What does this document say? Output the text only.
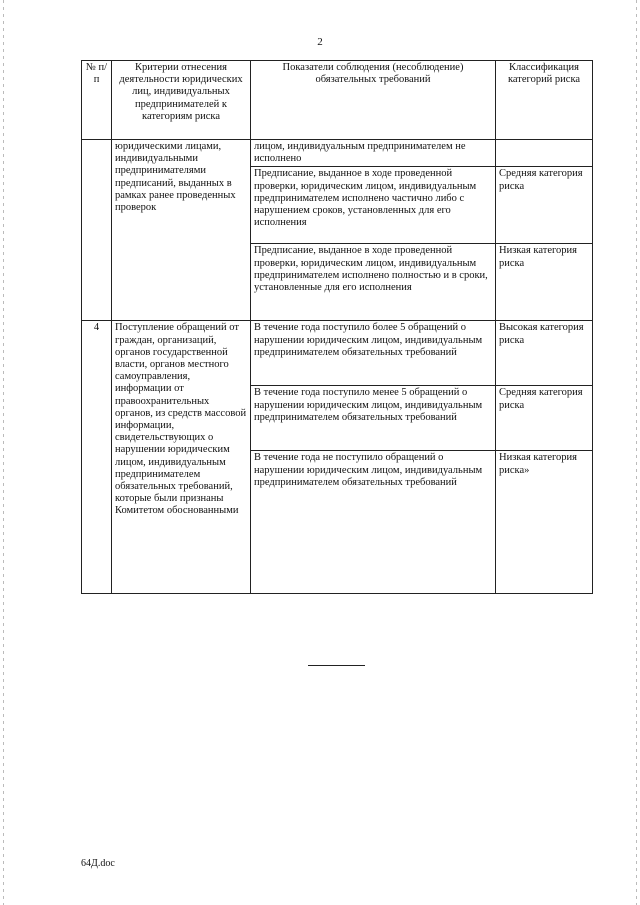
2
№ п/п	Критерии отнесения деятельности юридических лиц, индивидуальных предпринимателей к категориям риска	Показатели соблюдения (несоблюдение) обязательных требований	Классификация категорий риска
	юридическими лицами, индивидуальными предпринимателями предписаний, выданных в рамках ранее проведенных проверок	лицом, индивидуальным предпринимателем не исполнено	
		Предписание, выданное в ходе проведенной проверки, юридическим лицом, индивидуальным предпринимателем исполнено частично либо с нарушением сроков, установленных для его исполнения	Средняя категория риска
		Предписание, выданное в ходе проведенной проверки, юридическим лицом, индивидуальным предпринимателем исполнено полностью и в сроки, установленные для его исполнения	Низкая категория риска
4	Поступление обращений от граждан, организаций, органов государственной власти, органов местного самоуправления, информации от правоохранительных органов, из средств массовой информации, свидетельствующих о нарушении юридическим лицом, индивидуальным предпринимателем обязательных требований, которые были признаны Комитетом обоснованными	В течение года поступило более 5 обращений о нарушении юридическим лицом, индивидуальным предпринимателем обязательных требований	Высокая категория риска
		В течение года поступило менее 5 обращений о нарушении юридическим лицом, индивидуальным предпринимателем обязательных требований	Средняя категория риска
		В течение года не поступило обращений о нарушении юридическим лицом, индивидуальным предпринимателем обязательных требований	Низкая категория риска»
64Д.doc
